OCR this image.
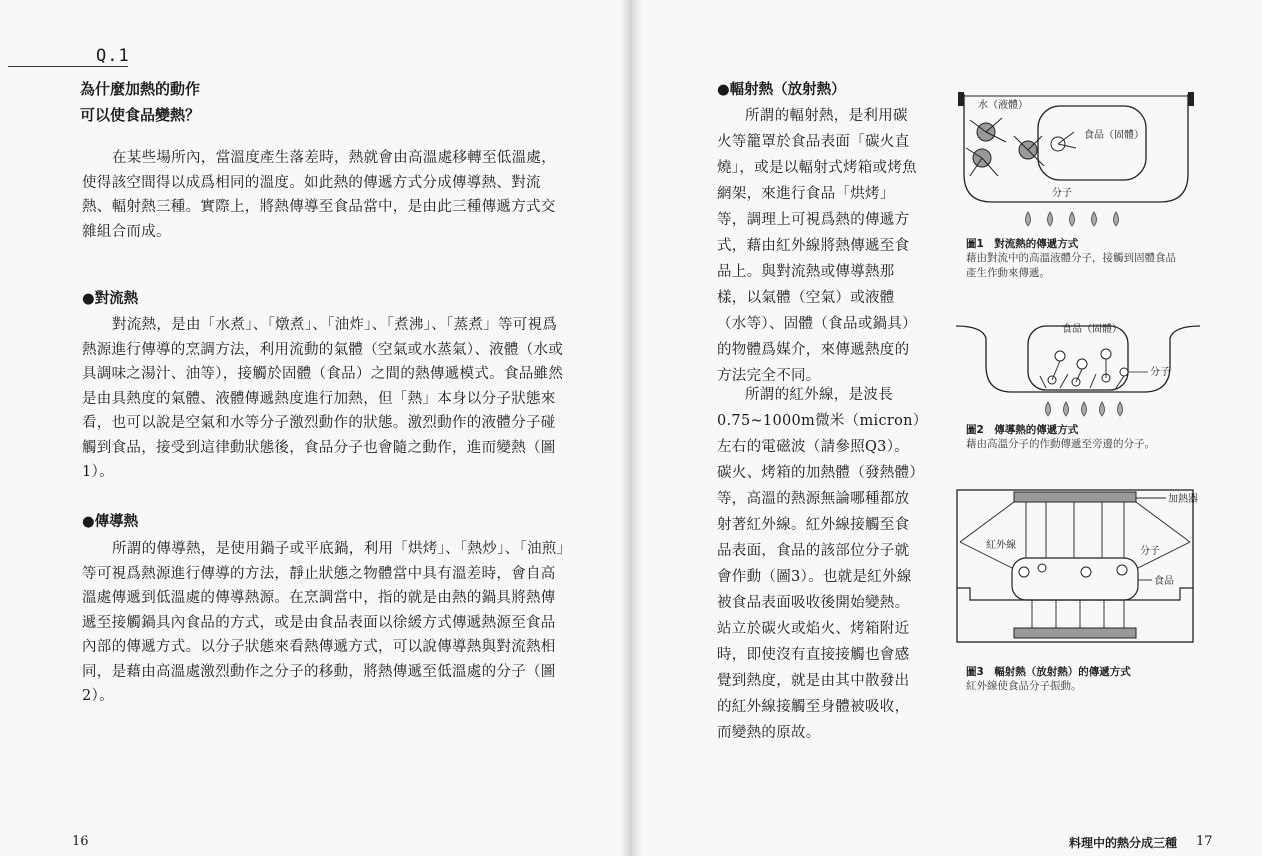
Q.1
為什麼加熱的動作
可以使食品變熱？
在某些場所內，當溫度產生落差時，熱就會由高溫處移轉至低溫處，使得該空間得以成爲相同的溫度。如此熱的傳遞方式分成傳導熱、對流熱、輻射熱三種。實際上，將熱傳導至食品當中，是由此三種傳遞方式交雜組合而成。
●對流熱
對流熱，是由「水煮」、「燉煮」、「油炸」、「煮沸」、「蒸煮」等可視爲熱源進行傳導的烹調方法，利用流動的氣體（空氣或水蒸氣）、液體（水或具調味之湯汁、油等），接觸於固體（食品）之間的熱傳遞模式。食品雖然是由具熱度的氣體、液體傳遞熱度進行加熱，但「熱」本身以分子狀態來看，也可以說是空氣和水等分子激烈動作的狀態。激烈動作的液體分子碰觸到食品，接受到這律動狀態後，食品分子也會隨之動作，進而變熱（圖1）。
●傳導熱
所謂的傳導熱，是使用鍋子或平底鍋，利用「烘烤」、「熱炒」、「油煎」等可視爲熱源進行傳導的方法，靜止狀態之物體當中具有溫差時，會自高溫處傳遞到低溫處的傳導熱源。在烹調當中，指的就是由熱的鍋具將熱傳遞至接觸鍋具內食品的方式，或是由食品表面以徐緩方式傳遞熱源至食品內部的傳遞方式。以分子狀態來看熱傳遞方式，可以說傳導熱與對流熱相同，是藉由高溫處激烈動作之分子的移動，將熱傳遞至低溫處的分子（圖2）。
16
●輻射熱（放射熱）
所謂的輻射熱，是利用碳火等籠罩於食品表面「碳火直燒」，或是以輻射式烤箱或烤魚網架，來進行食品「烘烤」等，調理上可視爲熱的傳遞方式，藉由紅外線將熱傳遞至食品上。與對流熱或傳導熱那樣，以氣體（空氣）或液體（水等）、固體（食品或鍋具）的物體爲媒介，來傳遞熱度的方法完全不同。
所謂的紅外線，是波長0.75~1000m微米（micron）左右的電磁波（請參照Q3）。碳火、烤箱的加熱體（發熱體）等，高溫的熱源無論哪種都放射著紅外線。紅外線接觸至食品表面，食品的該部位分子就會作動（圖3）。也就是紅外線被食品表面吸收後開始變熱。站立於碳火或焰火、烤箱附近時，即使沒有直接接觸也會感覺到熱度，就是由其中散發出的紅外線接觸至身體被吸收，而變熱的原故。
料理中的熱分成三種 17
水（液體）
食品（固體）
分子
圖1　對流熱的傳遞方式
藉由對流中的高溫液體分子，接觸到固體食品
產生作動來傳遞。
食品（固體）
分子
圖2　傳導熱的傳遞方式
藉由高溫分子的作動傳遞至旁邊的分子。
加熱器
紅外線
分子
食品
圖3　輻射熱（放射熱）的傳遞方式
紅外線使食品分子振動。
